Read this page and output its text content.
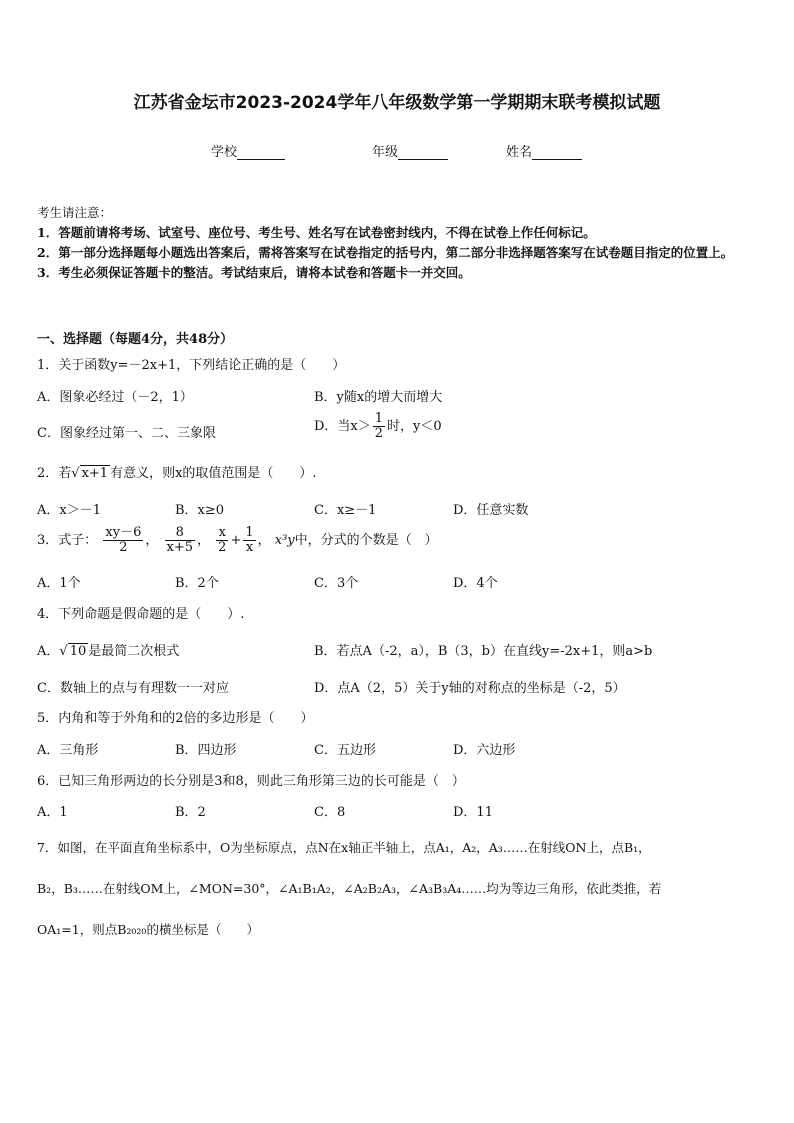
江苏省金坛市2023-2024学年八年级数学第一学期期末联考模拟试题
学校	年级	姓名
考生请注意：
1．答题前请将考场、试室号、座位号、考生号、姓名写在试卷密封线内，不得在试卷上作任何标记。
2．第一部分选择题每小题选出答案后，需将答案写在试卷指定的括号内，第二部分非选择题答案写在试卷题目指定的位置上。
3．考生必须保证答题卡的整洁。考试结束后，请将本试卷和答题卡一并交回。
一、选择题（每题4分，共48分）
1．关于函数y=－2x+1，下列结论正确的是（　　）
A．图象必经过（－2，1）	B．y随x的增大而增大
C．图象经过第一、二、三象限	D．当$x> \frac{1}{2}$ 时，y＜0
2．若√ x+1 有意义，则x的取值范围是（　　）.
A．x＞－1	B．x≥0	C．x≥－1	D．任意实数
3．式子： $\frac{xy-6}{2}$ ， $\frac{8}{x+5}$ ， $\frac{x}{2} + \frac{1}{x}$ ， x³y中，分式的个数是（　）
A．1个	B．2个	C．3个	D．4个
4．下列命题是假命题的是（　　）.
A．√ 10 是最简二次根式	B．若点A（-2，a），B（3，b）在直线y=-2x+1，则a>b
C．数轴上的点与有理数一一对应	D．点A（2，5）关于y轴的对称点的坐标是（-2，5）
5．内角和等于外角和的2倍的多边形是（　　）
A．三角形	B．四边形	C．五边形	D．六边形
6．已知三角形两边的长分别是3和8，则此三角形第三边的长可能是（　）
A．1	B．2	C．8	D．11
7．如图，在平面直角坐标系中，O为坐标原点，点N在x轴正半轴上，点A₁，A₂，A₃……在射线ON上，点B₁，
B₂，B₃……在射线OM上，∠MON=30°，∠A₁B₁A₂，∠A₂B₂A₃，∠A₃B₃A₄……均为等边三角形，依此类推，若
OA₁=1，则点B₂₀₂₀的横坐标是（　　）
